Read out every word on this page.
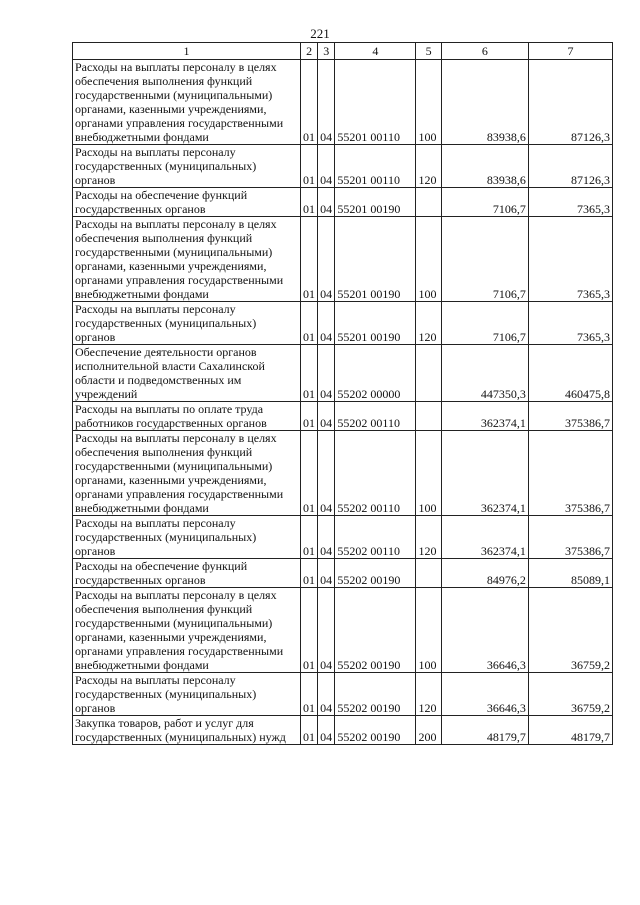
221
1	2	3	4	5	6	7
Расходы на выплаты персоналу в целях обеспечения выполнения функций государственными (муниципальными) органами, казенными учреждениями, органами управления государственными внебюджетными фондами	01	04	55201 00110	100	83938,6	87126,3
Расходы на выплаты персоналу государственных (муниципальных) органов	01	04	55201 00110	120	83938,6	87126,3
Расходы на обеспечение функций государственных органов	01	04	55201 00190		7106,7	7365,3
Расходы на выплаты персоналу в целях обеспечения выполнения функций государственными (муниципальными) органами, казенными учреждениями, органами управления государственными внебюджетными фондами	01	04	55201 00190	100	7106,7	7365,3
Расходы на выплаты персоналу государственных (муниципальных) органов	01	04	55201 00190	120	7106,7	7365,3
Обеспечение деятельности органов исполнительной власти Сахалинской области и подведомственных им учреждений	01	04	55202 00000		447350,3	460475,8
Расходы на выплаты по оплате труда работников государственных органов	01	04	55202 00110		362374,1	375386,7
Расходы на выплаты персоналу в целях обеспечения выполнения функций государственными (муниципальными) органами, казенными учреждениями, органами управления государственными внебюджетными фондами	01	04	55202 00110	100	362374,1	375386,7
Расходы на выплаты персоналу государственных (муниципальных) органов	01	04	55202 00110	120	362374,1	375386,7
Расходы на обеспечение функций государственных органов	01	04	55202 00190		84976,2	85089,1
Расходы на выплаты персоналу в целях обеспечения выполнения функций государственными (муниципальными) органами, казенными учреждениями, органами управления государственными внебюджетными фондами	01	04	55202 00190	100	36646,3	36759,2
Расходы на выплаты персоналу государственных (муниципальных) органов	01	04	55202 00190	120	36646,3	36759,2
Закупка товаров, работ и услуг для государственных (муниципальных) нужд	01	04	55202 00190	200	48179,7	48179,7
